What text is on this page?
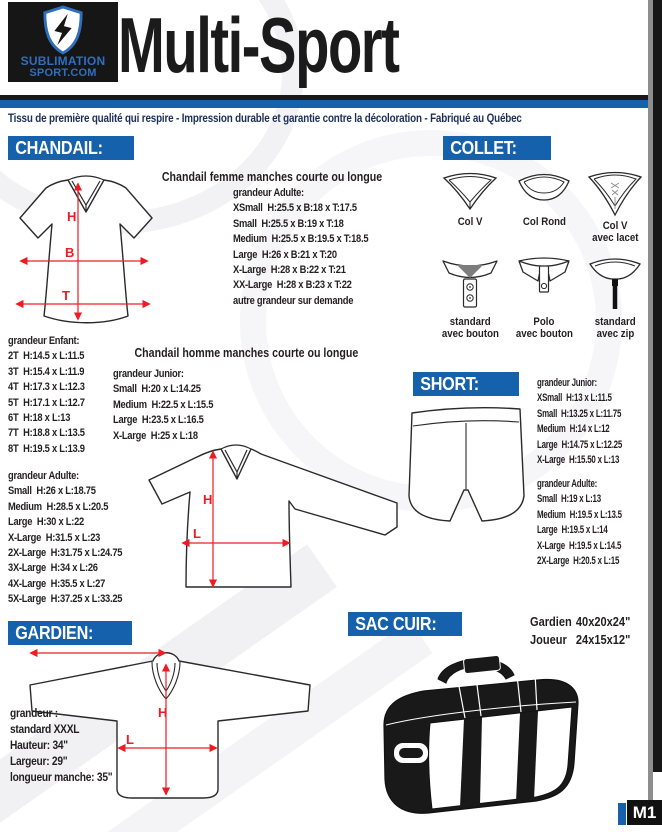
SUBLIMATION
SPORT.COM Multi-Sport
Tissu de première qualité qui respire - Impression durable et garantie contre la décoloration - Fabriqué au Québec
CHANDAIL:	COLLET:
SHORT:
GARDIEN:	SAC CUIR:
H
B
T
Chandail femme manches courte ou longue
grandeur Adulte:
XSmall  H:25.5 x B:18 x T:17.5
Small  H:25.5 x B:19 x T:18
Medium  H:25.5 x B:19.5 x T:18.5
Large  H:26 x B:21 x T:20
X-Large  H:28 x B:22 x T:21
XX-Large  H:28 x B:23 x T:22
autre grandeur sur demande
grandeur Enfant:
2T  H:14.5 x L:11.5
3T  H:15.4 x L:11.9
4T  H:17.3 x L:12.3
5T  H:17.1 x L:12.7
6T  H:18 x L:13
7T  H:18.8 x L:13.5
8T  H:19.5 x L:13.9
Chandail homme manches courte ou longue
grandeur Junior:
Small  H:20 x L:14.25
Medium  H:22.5 x L:15.5
Large  H:23.5 x L:16.5
X-Large  H:25 x L:18
grandeur Adulte:
Small  H:26 x L:18.75
Medium  H:28.5 x L:20.5
Large  H:30 x L:22
X-Large  H:31.5 x L:23
2X-Large  H:31.75 x L:24.75
3X-Large  H:34 x L:26
4X-Large  H:35.5 x L:27
5X-Large  H:37.25 x L:33.25
H
L
Col V	Col Rond	Col V
avec lacet
standard
avec bouton
Polo
avec bouton
standard
avec zip
grandeur Junior:
XSmall  H:13 x L:11.5
Small  H:13.25 x L:11.75
Medium  H:14 x L:12
Large  H:14.75 x L:12.25
X-Large  H:15.50 x L:13
grandeur Adulte:
Small  H:19 x L:13
Medium  H:19.5 x L:13.5
Large  H:19.5 x L:14
X-Large  H:19.5 x L:14.5
2X-Large  H:20.5 x L:15
H
L
grandeur :
standard XXXL
Hauteur: 34"
Largeur: 29"
longueur manche: 35"
Gardien 40x20x24"
Joueur 24x15x12"
M1
